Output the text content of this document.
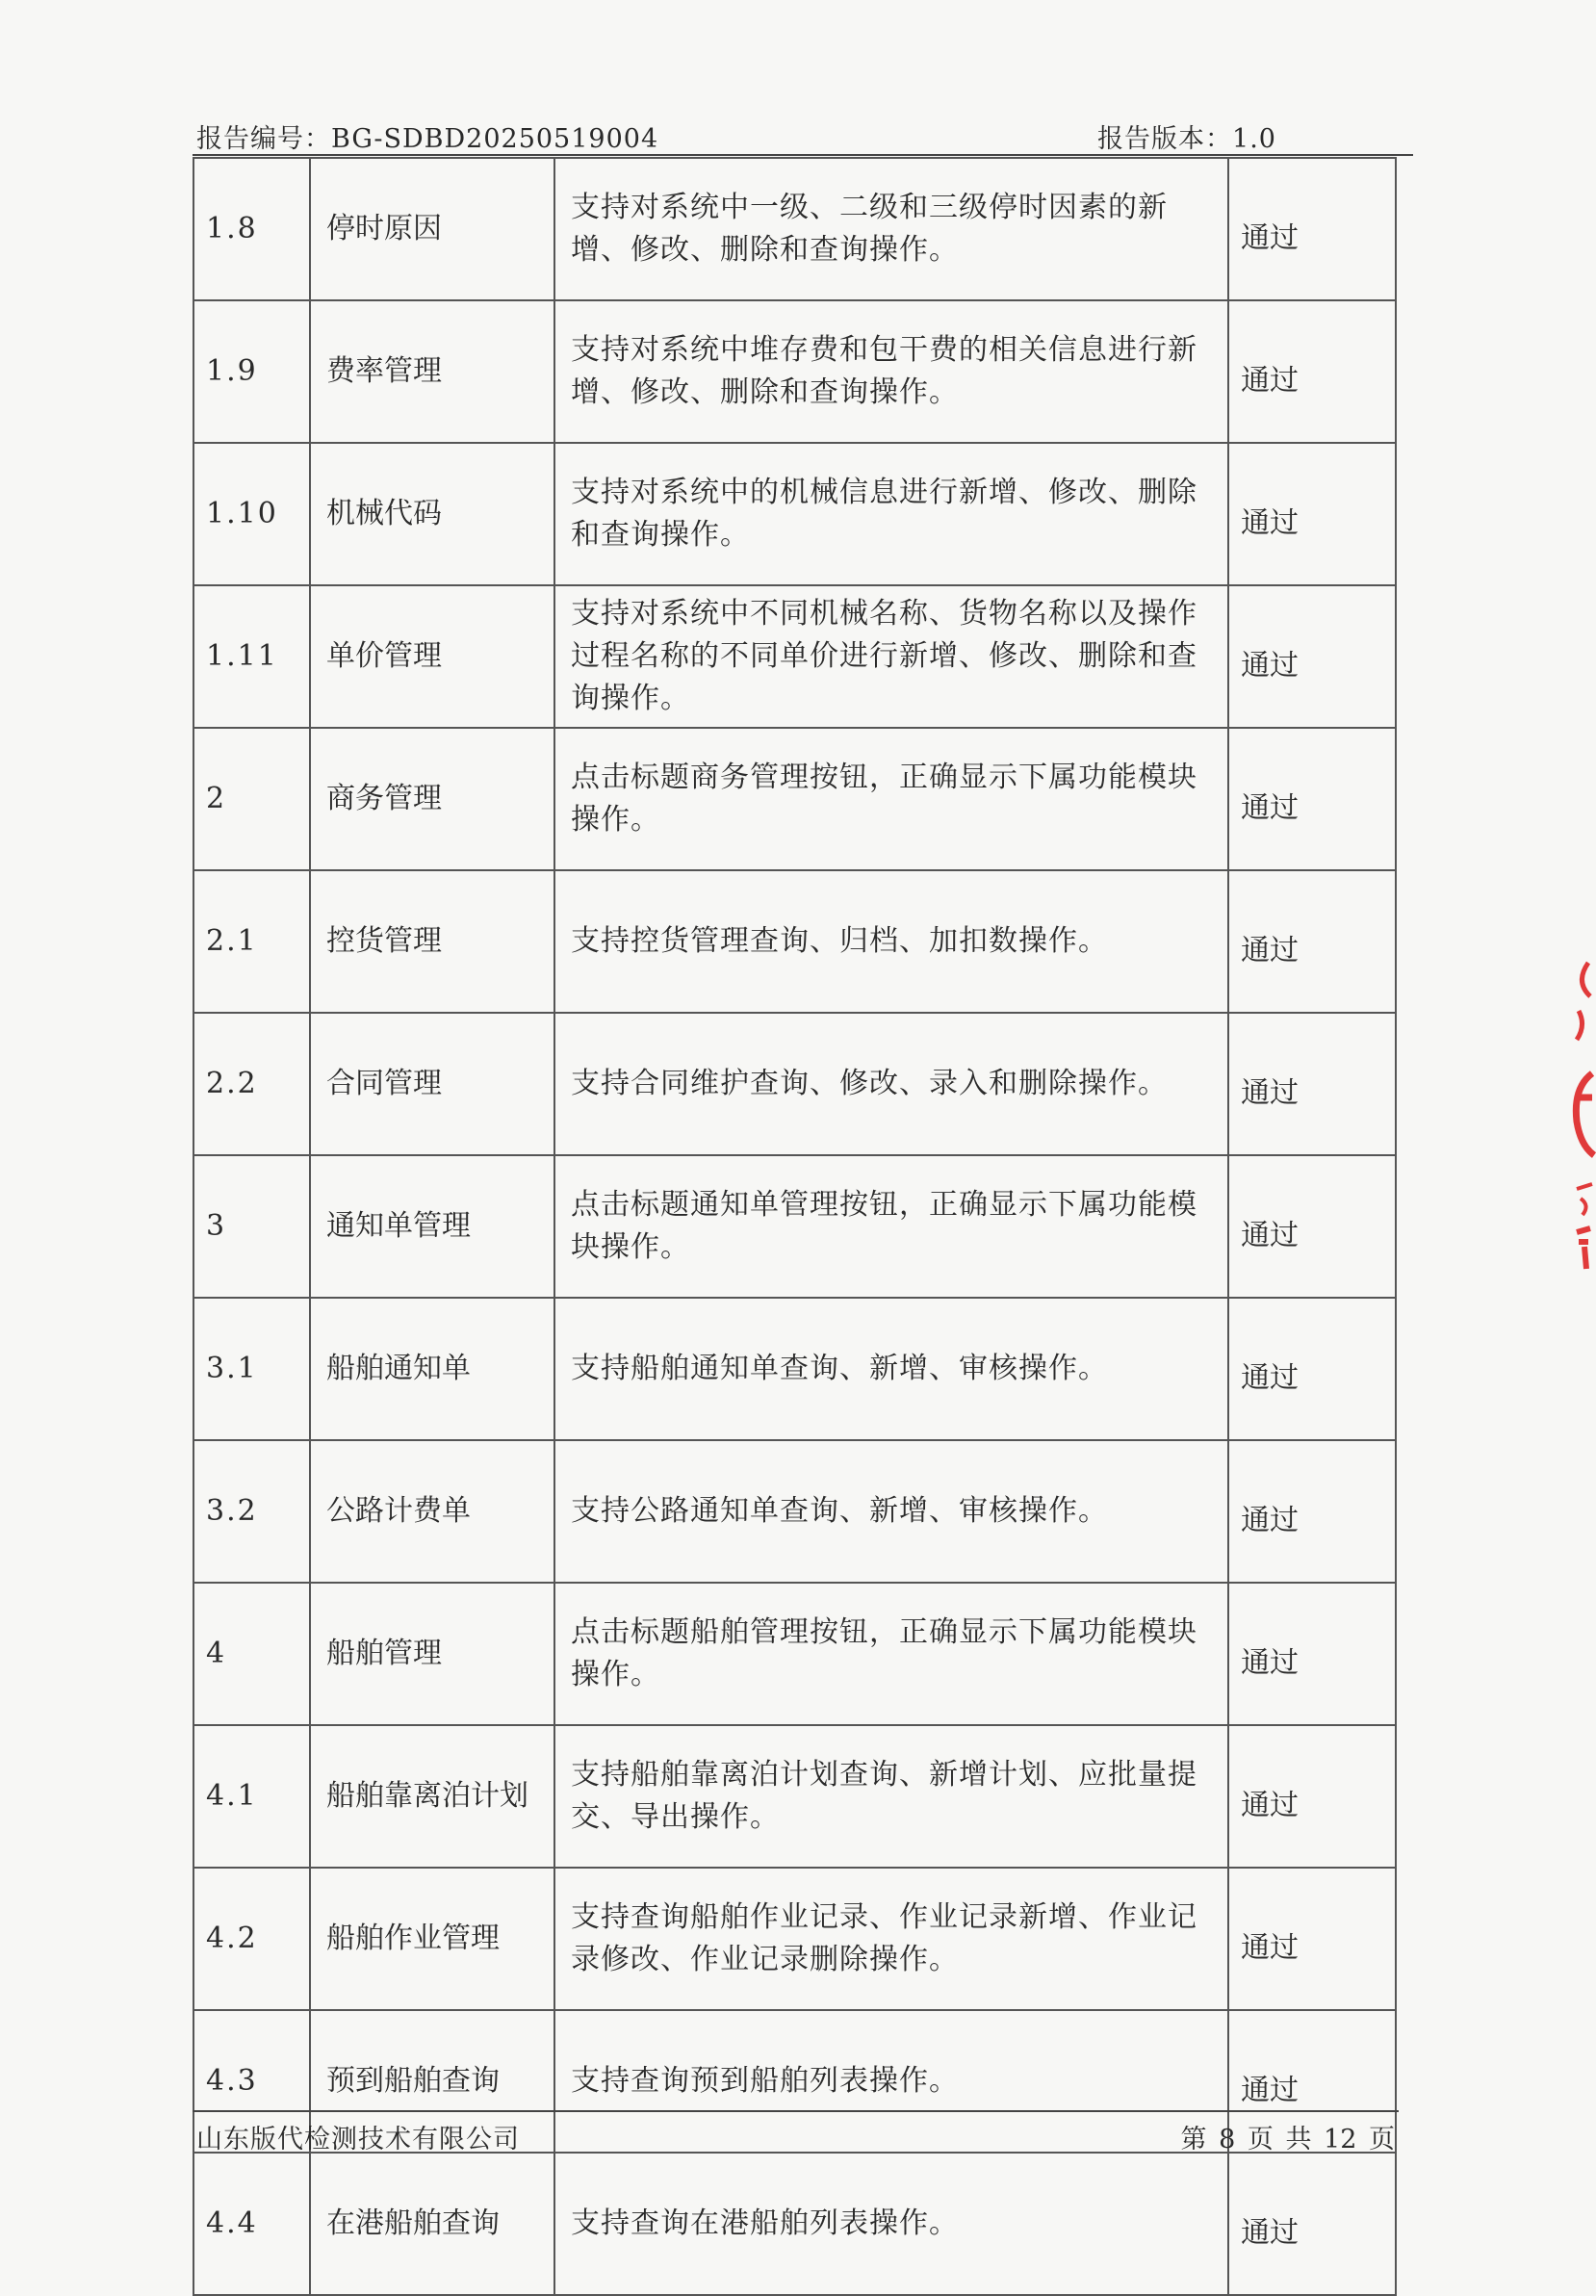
报告编号：BG-SDBD20250519004	报告版本：1.0
1.8	停时原因	支持对系统中一级、二级和三级停时因素的新增、修改、删除和查询操作。	通过
1.9	费率管理	支持对系统中堆存费和包干费的相关信息进行新增、修改、删除和查询操作。	通过
1.10	机械代码	支持对系统中的机械信息进行新增、修改、删除和查询操作。	通过
1.11	单价管理	支持对系统中不同机械名称、货物名称以及操作过程名称的不同单价进行新增、修改、删除和查询操作。	通过
2	商务管理	点击标题商务管理按钮，正确显示下属功能模块操作。	通过
2.1	控货管理	支持控货管理查询、归档、加扣数操作。	通过
2.2	合同管理	支持合同维护查询、修改、录入和删除操作。	通过
3	通知单管理	点击标题通知单管理按钮，正确显示下属功能模块操作。	通过
3.1	船舶通知单	支持船舶通知单查询、新增、审核操作。	通过
3.2	公路计费单	支持公路通知单查询、新增、审核操作。	通过
4	船舶管理	点击标题船舶管理按钮，正确显示下属功能模块操作。	通过
4.1	船舶靠离泊计划	支持船舶靠离泊计划查询、新增计划、应批量提交、导出操作。	通过
4.2	船舶作业管理	支持查询船舶作业记录、作业记录新增、作业记录修改、作业记录删除操作。	通过
4.3	预到船舶查询	支持查询预到船舶列表操作。	通过
4.4	在港船舶查询	支持查询在港船舶列表操作。	通过
山东版代检测技术有限公司	第 8 页 共 12 页
